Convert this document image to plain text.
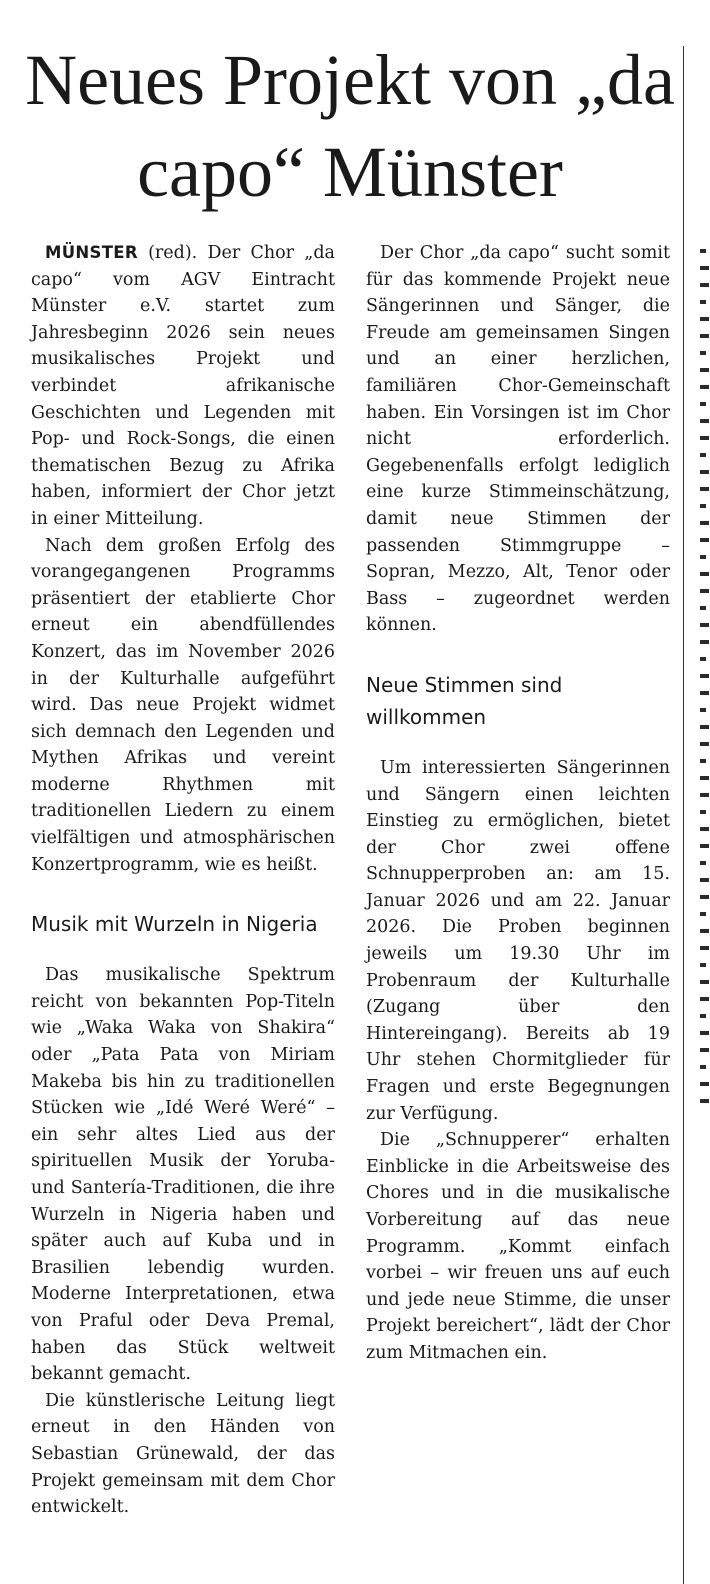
Neues Projekt von „da capo“ Münster

MÜNSTER (red). Der Chor „da capo“ vom AGV Eintracht Münster e.V. startet zum Jahresbeginn 2026 sein neues musikalisches Projekt und verbindet afrikanische Geschichten und Legenden mit Pop- und Rock-Songs, die einen thematischen Bezug zu Afrika haben, informiert der Chor jetzt in einer Mitteilung.

Nach dem großen Erfolg des vorangegangenen Programms präsentiert der etablierte Chor erneut ein abendfüllendes Konzert, das im November 2026 in der Kulturhalle aufgeführt wird. Das neue Projekt widmet sich demnach den Legenden und Mythen Afrikas und vereint moderne Rhythmen mit traditionellen Liedern zu einem vielfältigen und atmosphärischen Konzertprogramm, wie es heißt.

Musik mit Wurzeln in Nigeria

Das musikalische Spektrum reicht von bekannten Pop-Titeln wie „Waka Waka von Shakira“ oder „Pata Pata von Miriam Makeba bis hin zu traditionellen Stücken wie „Idé Weré Weré“ – ein sehr altes Lied aus der spirituellen Musik der Yoruba- und Santería-Traditionen, die ihre Wurzeln in Nigeria haben und später auch auf Kuba und in Brasilien lebendig wurden. Moderne Interpretationen, etwa von Praful oder Deva Premal, haben das Stück weltweit bekannt gemacht.

Die künstlerische Leitung liegt erneut in den Händen von Sebastian Grünewald, der das Projekt gemeinsam mit dem Chor entwickelt.

Der Chor „da capo“ sucht somit für das kommende Projekt neue Sängerinnen und Sänger, die Freude am gemeinsamen Singen und an einer herzlichen, familiären Chor-Gemeinschaft haben. Ein Vorsingen ist im Chor nicht erforderlich. Gegebenenfalls erfolgt lediglich eine kurze Stimmeinschätzung, damit neue Stimmen der passenden Stimmgruppe – Sopran, Mezzo, Alt, Tenor oder Bass – zugeordnet werden können.

Neue Stimmen sind willkommen

Um interessierten Sängerinnen und Sängern einen leichten Einstieg zu ermöglichen, bietet der Chor zwei offene Schnupperproben an: am 15. Januar 2026 und am 22. Januar 2026. Die Proben beginnen jeweils um 19.30 Uhr im Probenraum der Kulturhalle (Zugang über den Hintereingang). Bereits ab 19 Uhr stehen Chormitglieder für Fragen und erste Begegnungen zur Verfügung.

Die „Schnupperer“ erhalten Einblicke in die Arbeitsweise des Chores und in die musikalische Vorbereitung auf das neue Programm. „Kommt einfach vorbei – wir freuen uns auf euch und jede neue Stimme, die unser Projekt bereichert“, lädt der Chor zum Mitmachen ein.
